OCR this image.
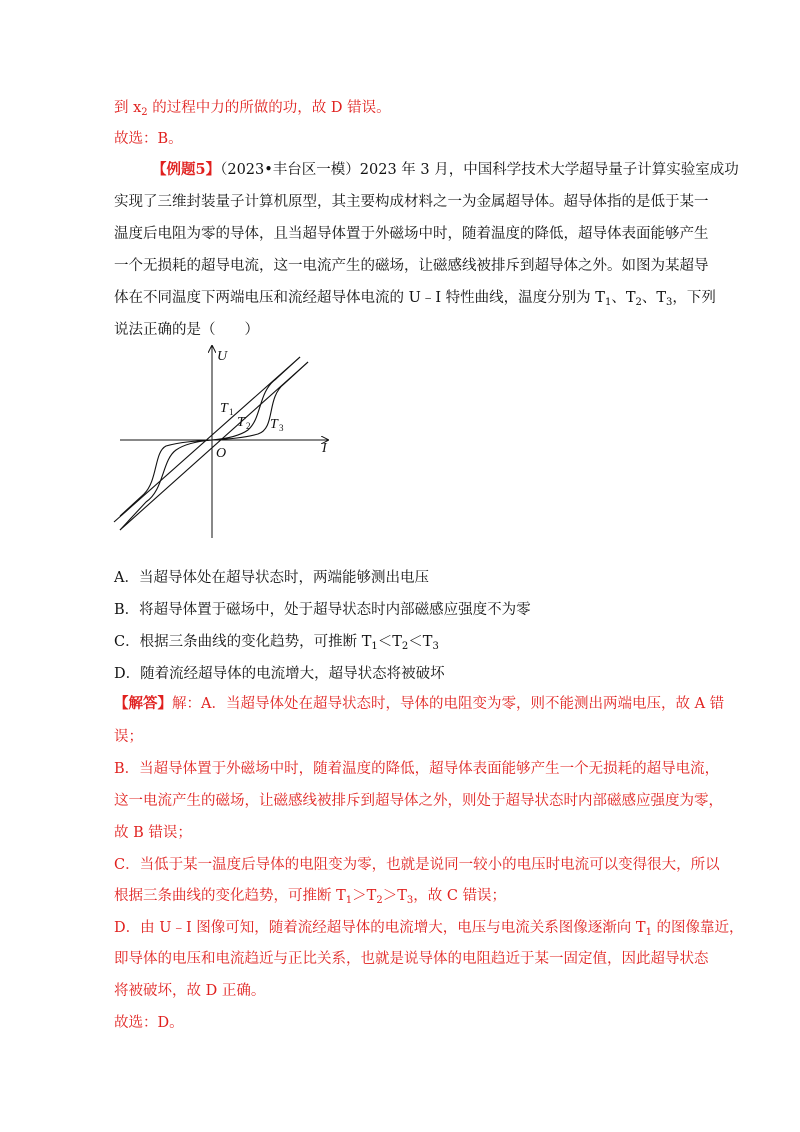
到 $x_2$ 的过程中力的所做的功，故 D 错误。
故选：B。
【例题5】（2023•丰台区一模）2023 年 3 月，中国科学技术大学超导量子计算实验室成功
实现了三维封装量子计算机原型，其主要构成材料之一为金属超导体。超导体指的是低于某一
温度后电阻为零的导体，且当超导体置于外磁场中时，随着温度的降低，超导体表面能够产生
一个无损耗的超导电流，这一电流产生的磁场，让磁感线被排斥到超导体之外。如图为某超导
体在不同温度下两端电压和流经超导体电流的 U﹣I 特性曲线，温度分别为 $T_1$、$T_2$、$T_3$，下列
说法正确的是（　　）
U
I
O
T 1
T 2 T 3
A．当超导体处在超导状态时，两端能够测出电压
B．将超导体置于磁场中，处于超导状态时内部磁感应强度不为零
C．根据三条曲线的变化趋势，可推断 $T_1<T_2<T_3$
D．随着流经超导体的电流增大，超导状态将被破坏
【解答】解：A．当超导体处在超导状态时，导体的电阻变为零，则不能测出两端电压，故 A 错
误；
B．当超导体置于外磁场中时，随着温度的降低，超导体表面能够产生一个无损耗的超导电流，
这一电流产生的磁场，让磁感线被排斥到超导体之外，则处于超导状态时内部磁感应强度为零，
故 B 错误；
C．当低于某一温度后导体的电阻变为零，也就是说同一较小的电压时电流可以变得很大，所以
根据三条曲线的变化趋势，可推断 $T_1>T_2>T_3$，故 C 错误；
D．由 U﹣I 图像可知，随着流经超导体的电流增大，电压与电流关系图像逐渐向 $T_1$ 的图像靠近，
即导体的电压和电流趋近与正比关系，也就是说导体的电阻趋近于某一固定值，因此超导状态
将被破坏，故 D 正确。
故选：D。
